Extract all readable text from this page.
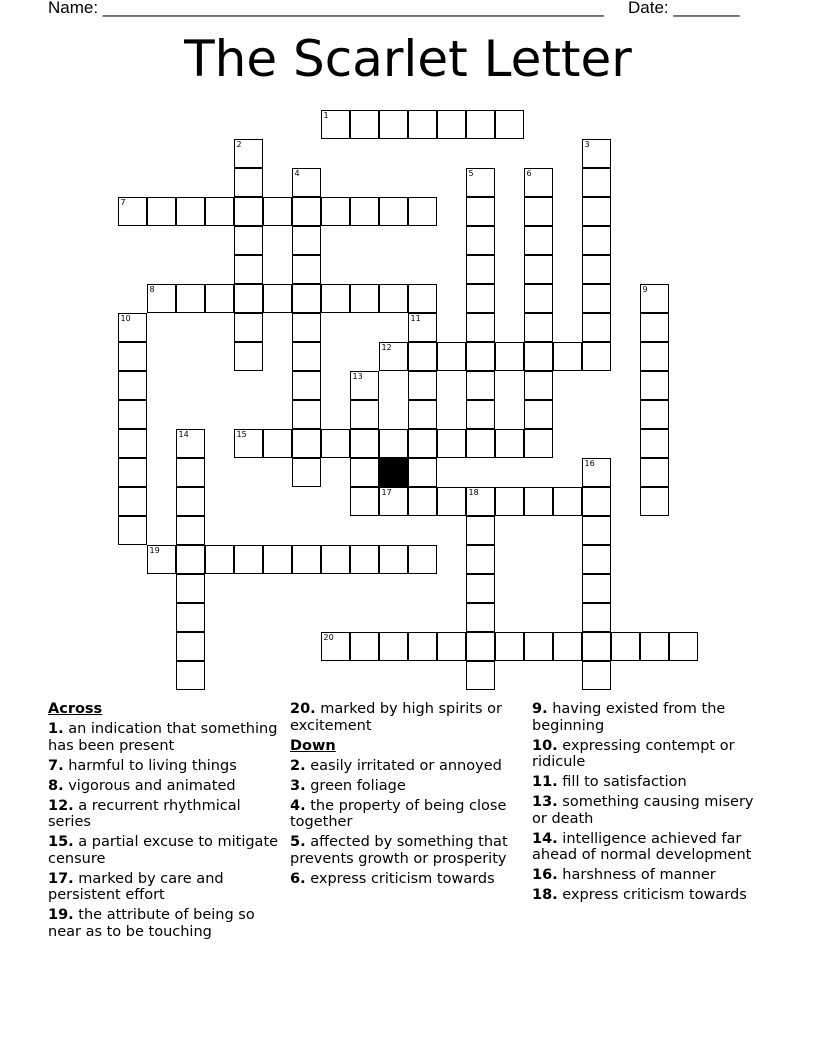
Name: _____________________________________________________ Date: _______
The Scarlet Letter
1
7
8
12
15
17	18
19
20
2	3
4	5	6
9
10	11
13
14
16
Across
1. an indication that something has been present
7. harmful to living things
8. vigorous and animated
12. a recurrent rhythmical series
15. a partial excuse to mitigate censure
17. marked by care and persistent effort
19. the attribute of being so near as to be touching
20. marked by high spirits or excitement
Down
2. easily irritated or annoyed
3. green foliage
4. the property of being close together
5. affected by something that prevents growth or prosperity
6. express criticism towards
9. having existed from the beginning
10. expressing contempt or ridicule
11. fill to satisfaction
13. something causing misery or death
14. intelligence achieved far ahead of normal development
16. harshness of manner
18. express criticism towards
